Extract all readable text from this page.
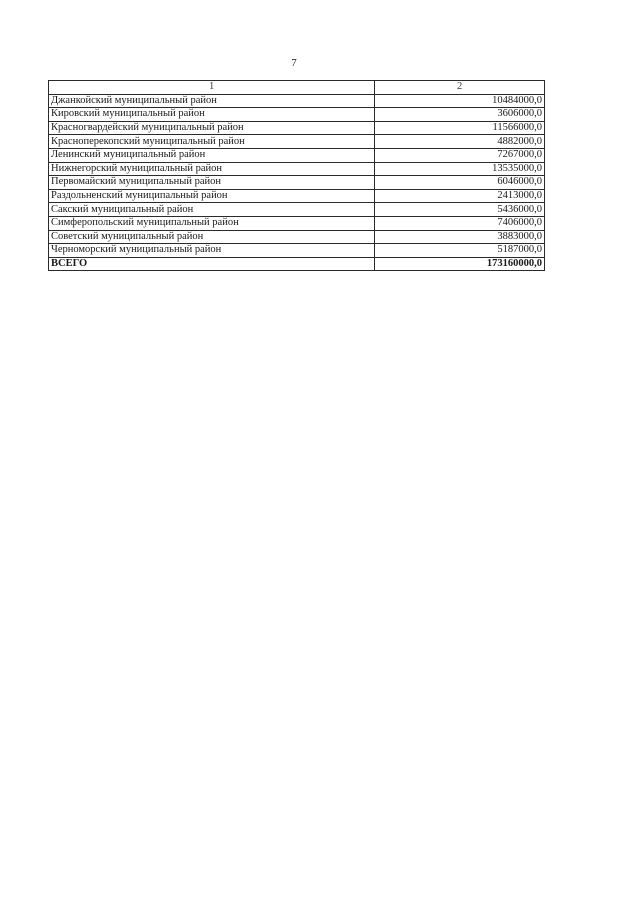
7
1	2
Джанкойский муниципальный район	10484000,0
Кировский муниципальный район	3606000,0
Красногвардейский муниципальный район	11566000,0
Красноперекопский муниципальный район	4882000,0
Ленинский муниципальный район	7267000,0
Нижнегорский муниципальный район	13535000,0
Первомайский муниципальный район	6046000,0
Раздольненский муниципальный район	2413000,0
Сакский муниципальный район	5436000,0
Симферопольский муниципальный район	7406000,0
Советский муниципальный район	3883000,0
Черноморский муниципальный район	5187000,0
ВСЕГО	173160000,0
